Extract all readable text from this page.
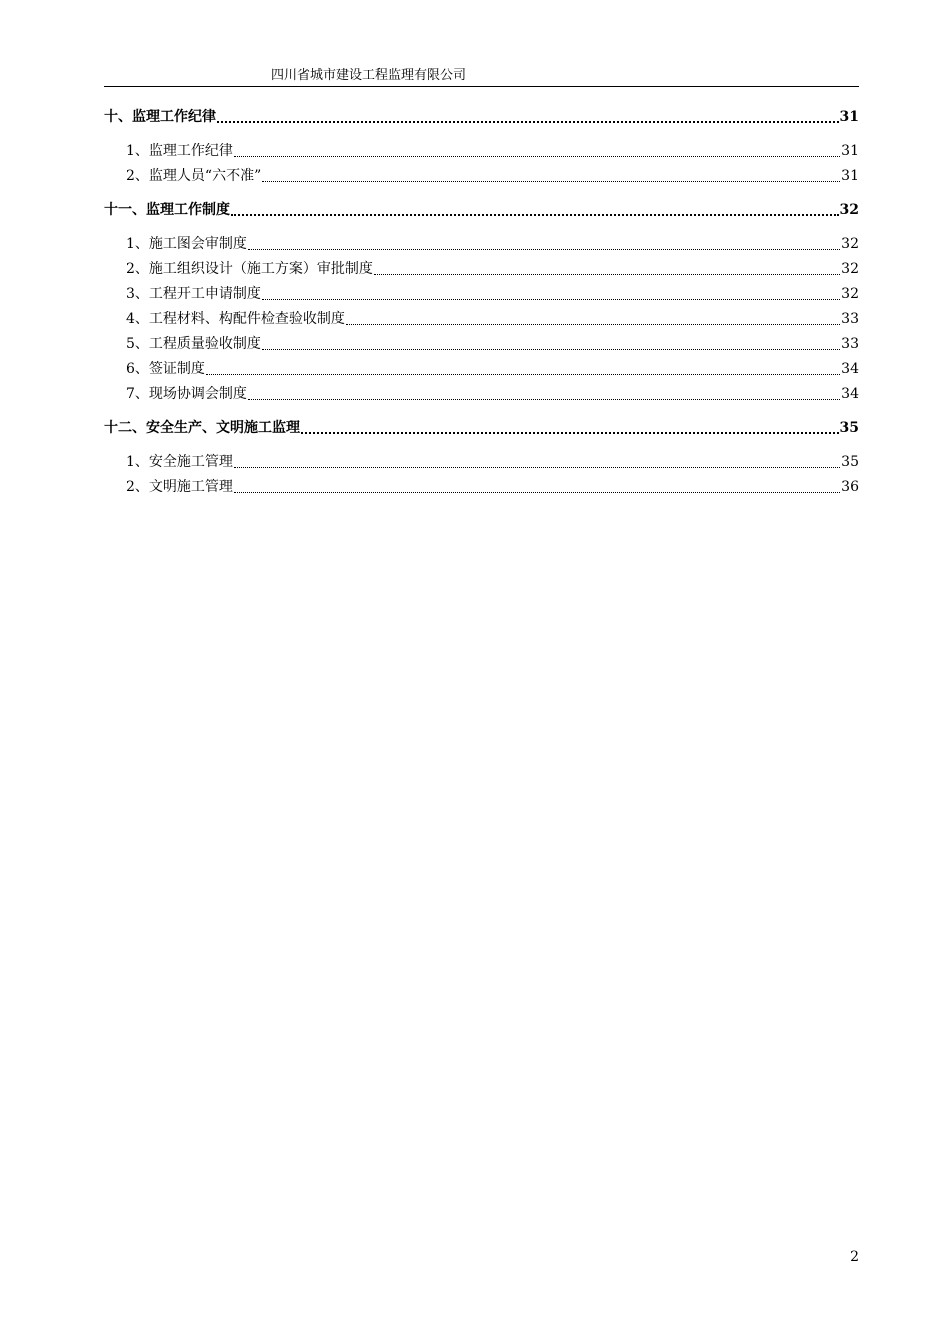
四川省城市建设工程监理有限公司
十、监理工作纪律	31
1、监理工作纪律	31
2、监理人员“六不准”	31
十一、监理工作制度	32
1、施工图会审制度	32
2、施工组织设计（施工方案）审批制度	32
3、工程开工申请制度	32
4、工程材料、构配件检查验收制度	33
5、工程质量验收制度	33
6、签证制度	34
7、现场协调会制度	34
十二、安全生产、文明施工监理	35
1、安全施工管理	35
2、文明施工管理	36
2
